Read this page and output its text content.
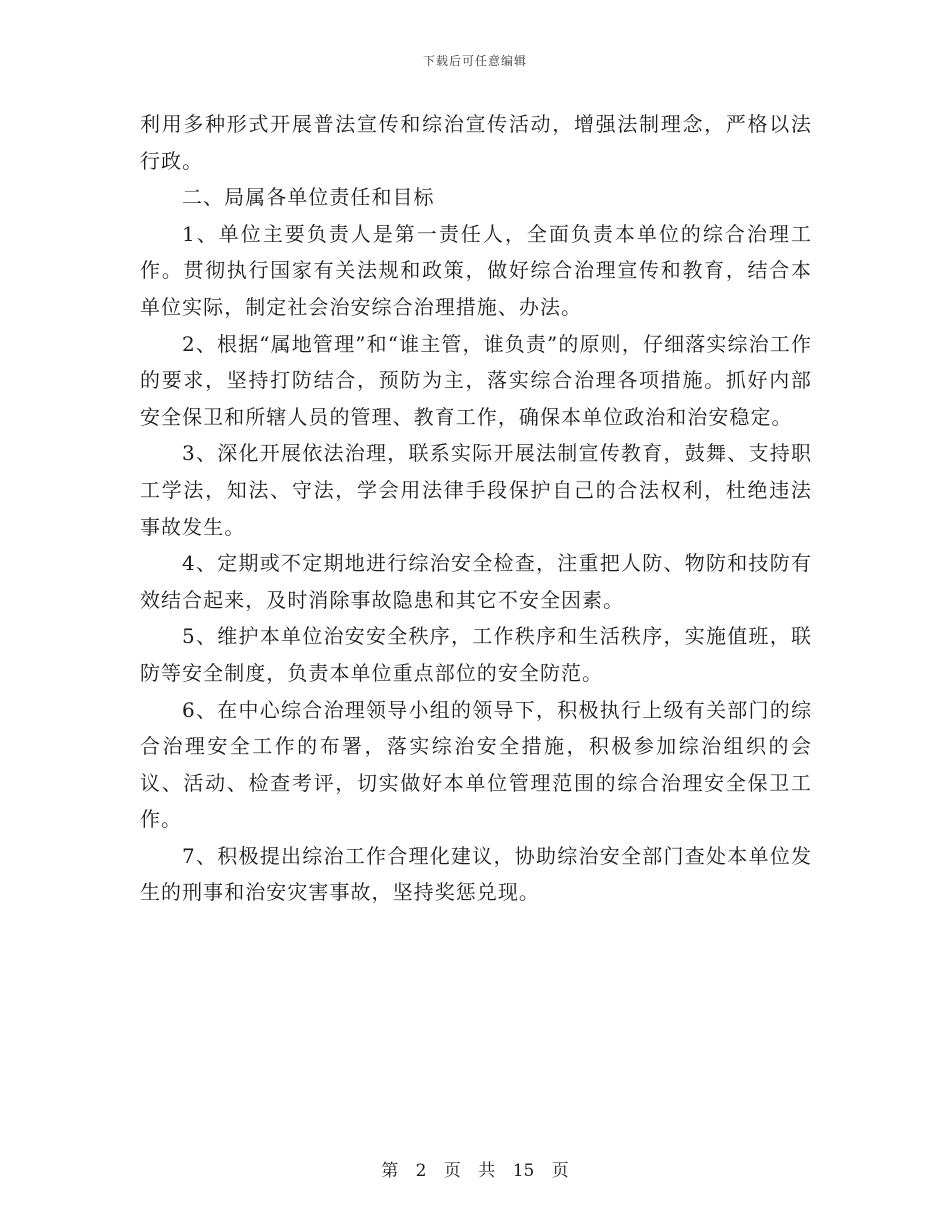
下载后可任意编辑

利用多种形式开展普法宣传和综治宣传活动，增强法制理念，严格以法行政。

二、局属各单位责任和目标

1、单位主要负责人是第一责任人，全面负责本单位的综合治理工作。贯彻执行国家有关法规和政策，做好综合治理宣传和教育，结合本单位实际，制定社会治安综合治理措施、办法。

2、根据“属地管理”和“谁主管，谁负责”的原则，仔细落实综治工作的要求，坚持打防结合，预防为主，落实综合治理各项措施。抓好内部安全保卫和所辖人员的管理、教育工作，确保本单位政治和治安稳定。

3、深化开展依法治理，联系实际开展法制宣传教育，鼓舞、支持职工学法，知法、守法，学会用法律手段保护自己的合法权利，杜绝违法事故发生。

4、定期或不定期地进行综治安全检查，注重把人防、物防和技防有效结合起来，及时消除事故隐患和其它不安全因素。

5、维护本单位治安安全秩序，工作秩序和生活秩序，实施值班，联防等安全制度，负责本单位重点部位的安全防范。

6、在中心综合治理领导小组的领导下，积极执行上级有关部门的综合治理安全工作的布署，落实综治安全措施，积极参加综治组织的会议、活动、检查考评，切实做好本单位管理范围的综合治理安全保卫工作。

7、积极提出综治工作合理化建议，协助综治安全部门查处本单位发生的刑事和治安灾害事故，坚持奖惩兑现。

第 2 页 共 15 页
